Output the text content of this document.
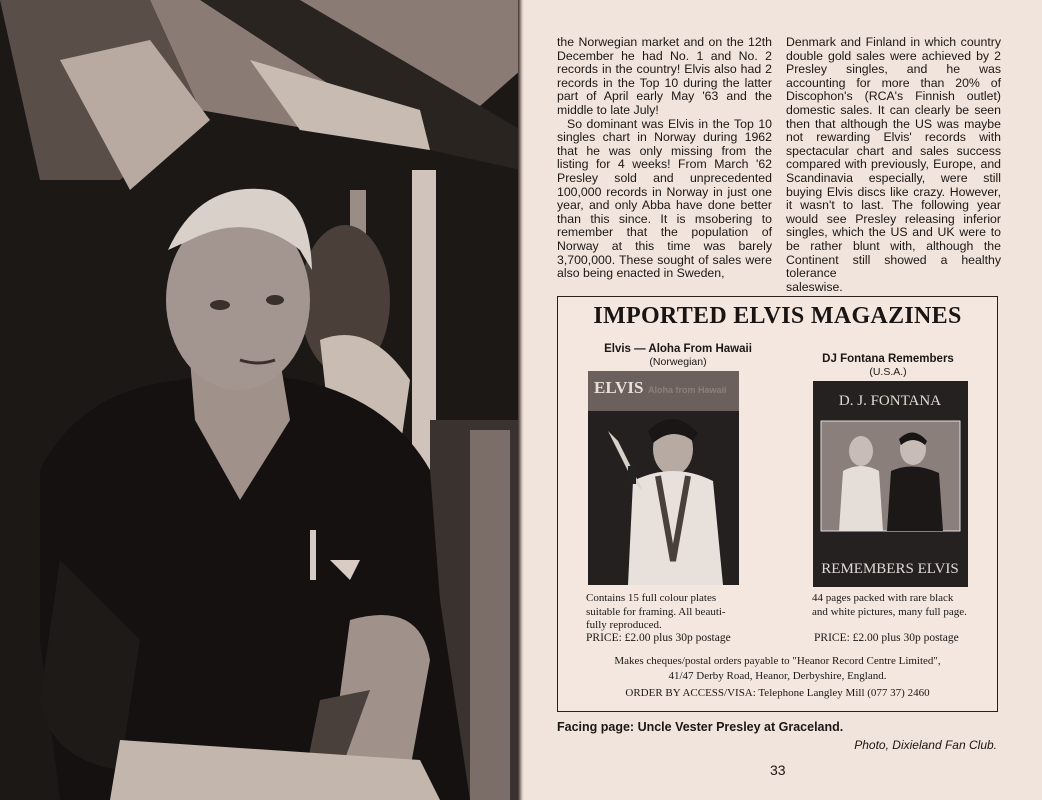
the Norwegian market and on the 12th December he had No. 1 and No. 2 records in the country! Elvis also had 2 records in the Top 10 during the latter part of April early May '63 and the middle to late July!

So dominant was Elvis in the Top 10 singles chart in Norway during 1962 that he was only missing from the listing for 4 weeks! From March '62 Presley sold and unprecedented 100,000 records in Norway in just one year, and only Abba have done better than this since. It is msobering to remember that the population of Norway at this time was barely 3,700,000. These sought of sales were also being enacted in Sweden,

Denmark and Finland in which country double gold sales were achieved by 2 Presley singles, and he was accounting for more than 20% of Discophon's (RCA's Finnish outlet) domestic sales. It can clearly be seen then that although the US was maybe not rewarding Elvis' records with spectacular chart and sales success compared with previously, Europe, and Scandinavia especially, were still buying Elvis discs like crazy. However, it wasn't to last. The following year would see Presley releasing inferior singles, which the US and UK were to be rather blunt with, although the Continent still showed a healthy tolerance

saleswise.

IMPORTED ELVIS MAGAZINES
Elvis — Aloha From Hawaii
(Norwegian)
ELVIS Aloha from Hawaii
Contains 15 full colour plates
suitable for framing. All beauti-
fully reproduced.
PRICE: £2.00 plus 30p postage
DJ Fontana Remembers
(U.S.A.)
D. J. FONTANA
REMEMBERS ELVIS
44 pages packed with rare black
and white pictures, many full page.
PRICE: £2.00 plus 30p postage
Makes cheques/postal orders payable to "Heanor Record Centre Limited",
41/47 Derby Road, Heanor, Derbyshire, England.
ORDER BY ACCESS/VISA: Telephone Langley Mill (077 37) 2460
Facing page: Uncle Vester Presley at Graceland.
Photo, Dixieland Fan Club.
33
